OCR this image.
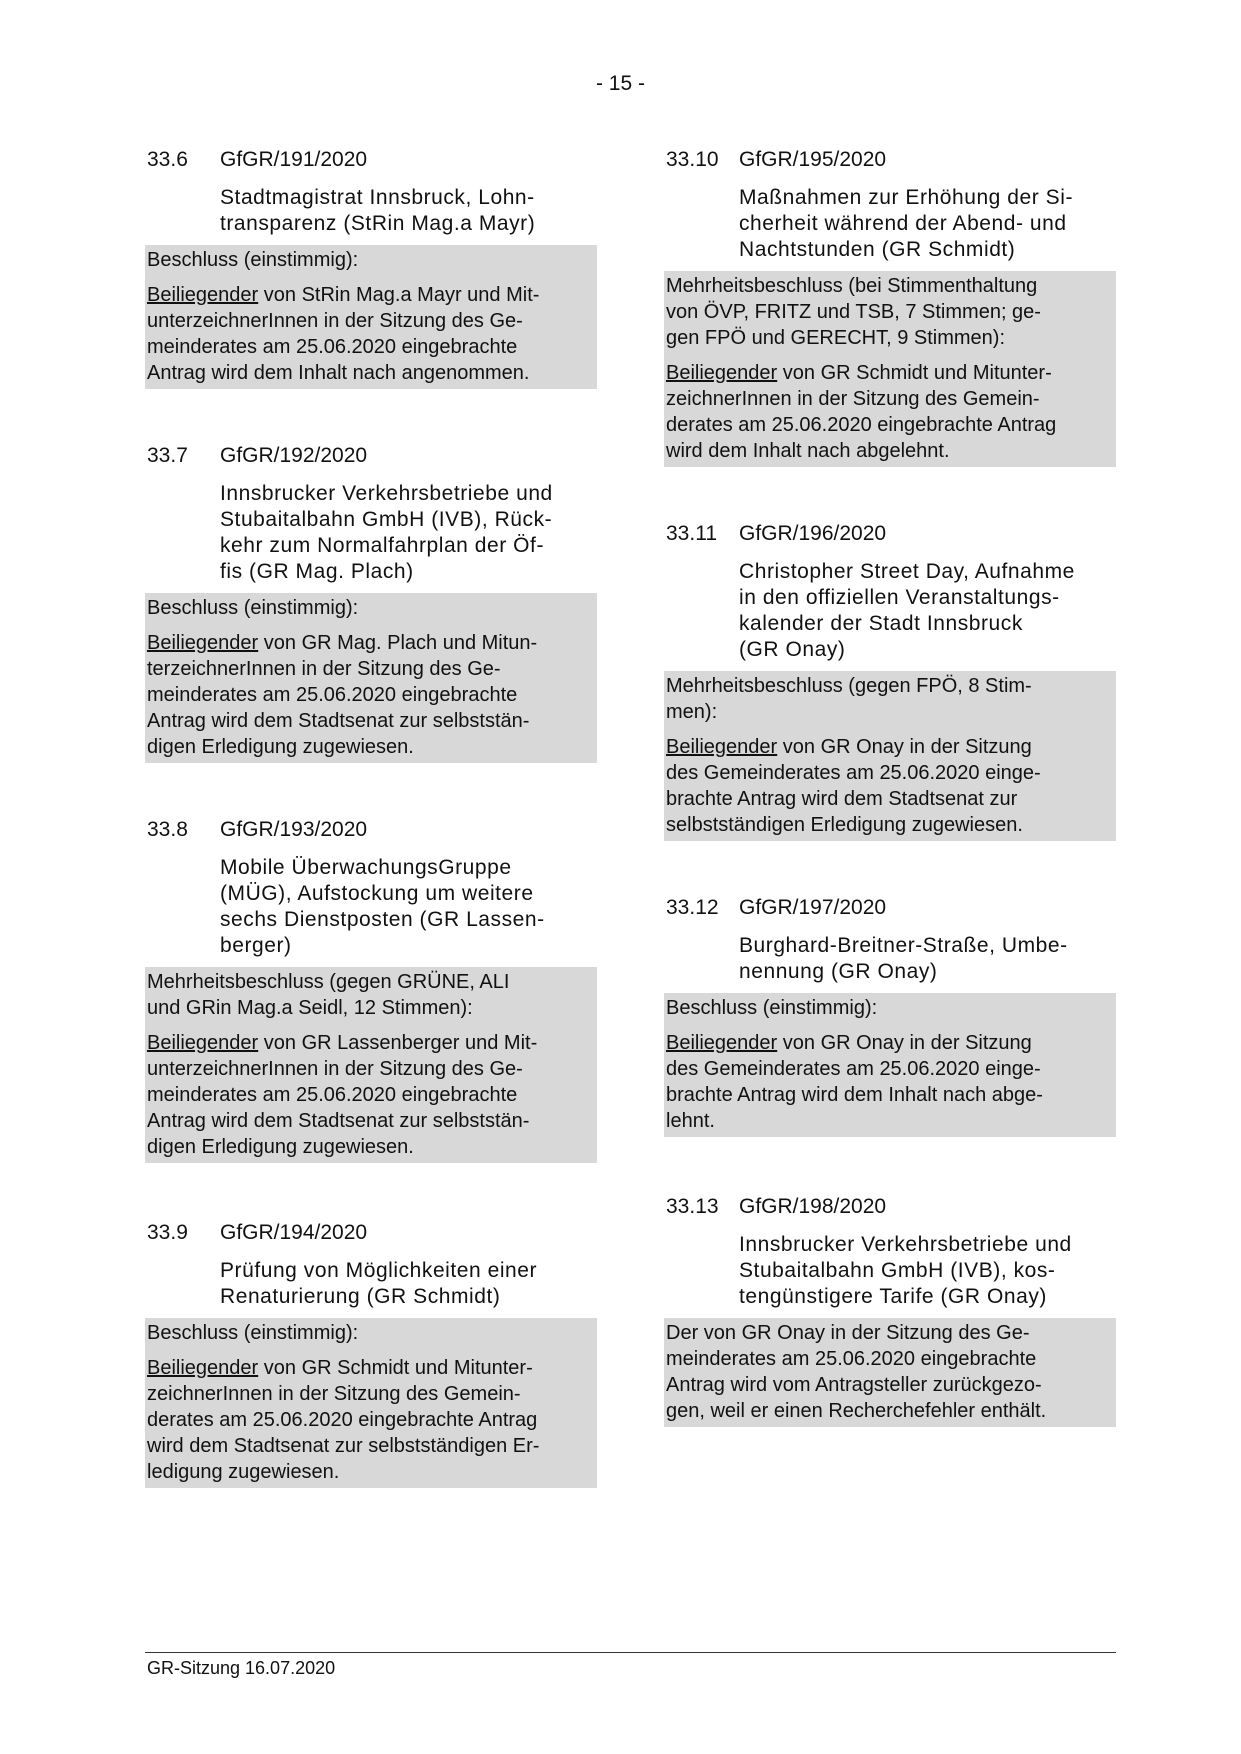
- 15 -
33.6 GfGR/191/2020
Stadtmagistrat Innsbruck, Lohn-
transparenz (StRin Mag.a Mayr)
Beschluss (einstimmig):
Beiliegender von StRin Mag.a Mayr und Mit-
unterzeichnerInnen in der Sitzung des Ge-
meinderates am 25.06.2020 eingebrachte
Antrag wird dem Inhalt nach angenommen.
33.7 GfGR/192/2020
Innsbrucker Verkehrsbetriebe und
Stubaitalbahn GmbH (IVB), Rück-
kehr zum Normalfahrplan der Öf-
fis (GR Mag. Plach)
Beschluss (einstimmig):
Beiliegender von GR Mag. Plach und Mitun-
terzeichnerInnen in der Sitzung des Ge-
meinderates am 25.06.2020 eingebrachte
Antrag wird dem Stadtsenat zur selbststän-
digen Erledigung zugewiesen.
33.8 GfGR/193/2020
Mobile ÜberwachungsGruppe
(MÜG), Aufstockung um weitere
sechs Dienstposten (GR Lassen-
berger)
Mehrheitsbeschluss (gegen GRÜNE, ALI
und GRin Mag.a Seidl, 12 Stimmen):
Beiliegender von GR Lassenberger und Mit-
unterzeichnerInnen in der Sitzung des Ge-
meinderates am 25.06.2020 eingebrachte
Antrag wird dem Stadtsenat zur selbststän-
digen Erledigung zugewiesen.
33.9 GfGR/194/2020
Prüfung von Möglichkeiten einer
Renaturierung (GR Schmidt)
Beschluss (einstimmig):
Beiliegender von GR Schmidt und Mitunter-
zeichnerInnen in der Sitzung des Gemein-
derates am 25.06.2020 eingebrachte Antrag
wird dem Stadtsenat zur selbstständigen Er-
ledigung zugewiesen.
33.10 GfGR/195/2020
Maßnahmen zur Erhöhung der Si-
cherheit während der Abend- und
Nachtstunden (GR Schmidt)
Mehrheitsbeschluss (bei Stimmenthaltung
von ÖVP, FRITZ und TSB, 7 Stimmen; ge-
gen FPÖ und GERECHT, 9 Stimmen):
Beiliegender von GR Schmidt und Mitunter-
zeichnerInnen in der Sitzung des Gemein-
derates am 25.06.2020 eingebrachte Antrag
wird dem Inhalt nach abgelehnt.
33.11 GfGR/196/2020
Christopher Street Day, Aufnahme
in den offiziellen Veranstaltungs-
kalender der Stadt Innsbruck
(GR Onay)
Mehrheitsbeschluss (gegen FPÖ, 8 Stim-
men):
Beiliegender von GR Onay in der Sitzung
des Gemeinderates am 25.06.2020 einge-
brachte Antrag wird dem Stadtsenat zur
selbstständigen Erledigung zugewiesen.
33.12 GfGR/197/2020
Burghard-Breitner-Straße, Umbe-
nennung (GR Onay)
Beschluss (einstimmig):
Beiliegender von GR Onay in der Sitzung
des Gemeinderates am 25.06.2020 einge-
brachte Antrag wird dem Inhalt nach abge-
lehnt.
33.13 GfGR/198/2020
Innsbrucker Verkehrsbetriebe und
Stubaitalbahn GmbH (IVB), kos-
tengünstigere Tarife (GR Onay)
Der von GR Onay in der Sitzung des Ge-
meinderates am 25.06.2020 eingebrachte
Antrag wird vom Antragsteller zurückgezo-
gen, weil er einen Recherchefehler enthält.
GR-Sitzung 16.07.2020
